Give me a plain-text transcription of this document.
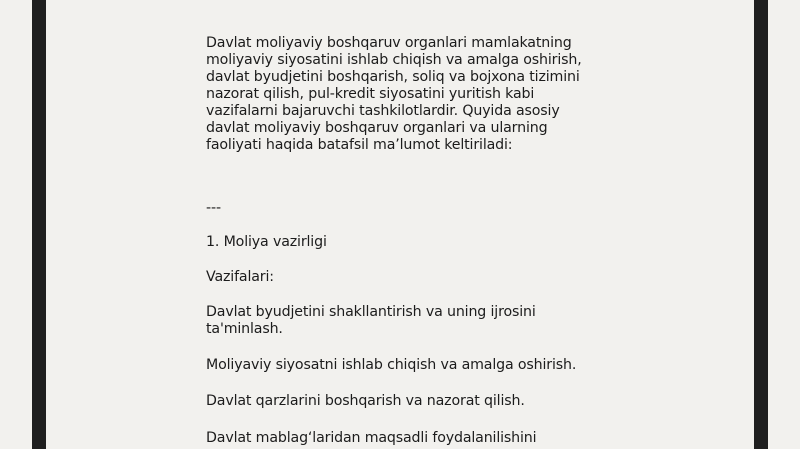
Davlat moliyaviy boshqaruv organlari mamlakatning moliyaviy siyosatini ishlab chiqish va amalga oshirish, davlat byudjetini boshqarish, soliq va bojxona tizimini nazorat qilish, pul-kredit siyosatini yuritish kabi vazifalarni bajaruvchi tashkilotlardir. Quyida asosiy davlat moliyaviy boshqaruv organlari va ularning faoliyati haqida batafsil ma’lumot keltiriladi:

---

1. Moliya vazirligi

Vazifalari:

Davlat byudjetini shakllantirish va uning ijrosini ta'minlash.

Moliyaviy siyosatni ishlab chiqish va amalga oshirish.

Davlat qarzlarini boshqarish va nazorat qilish.

Davlat mablag‘laridan maqsadli foydalanilishini
